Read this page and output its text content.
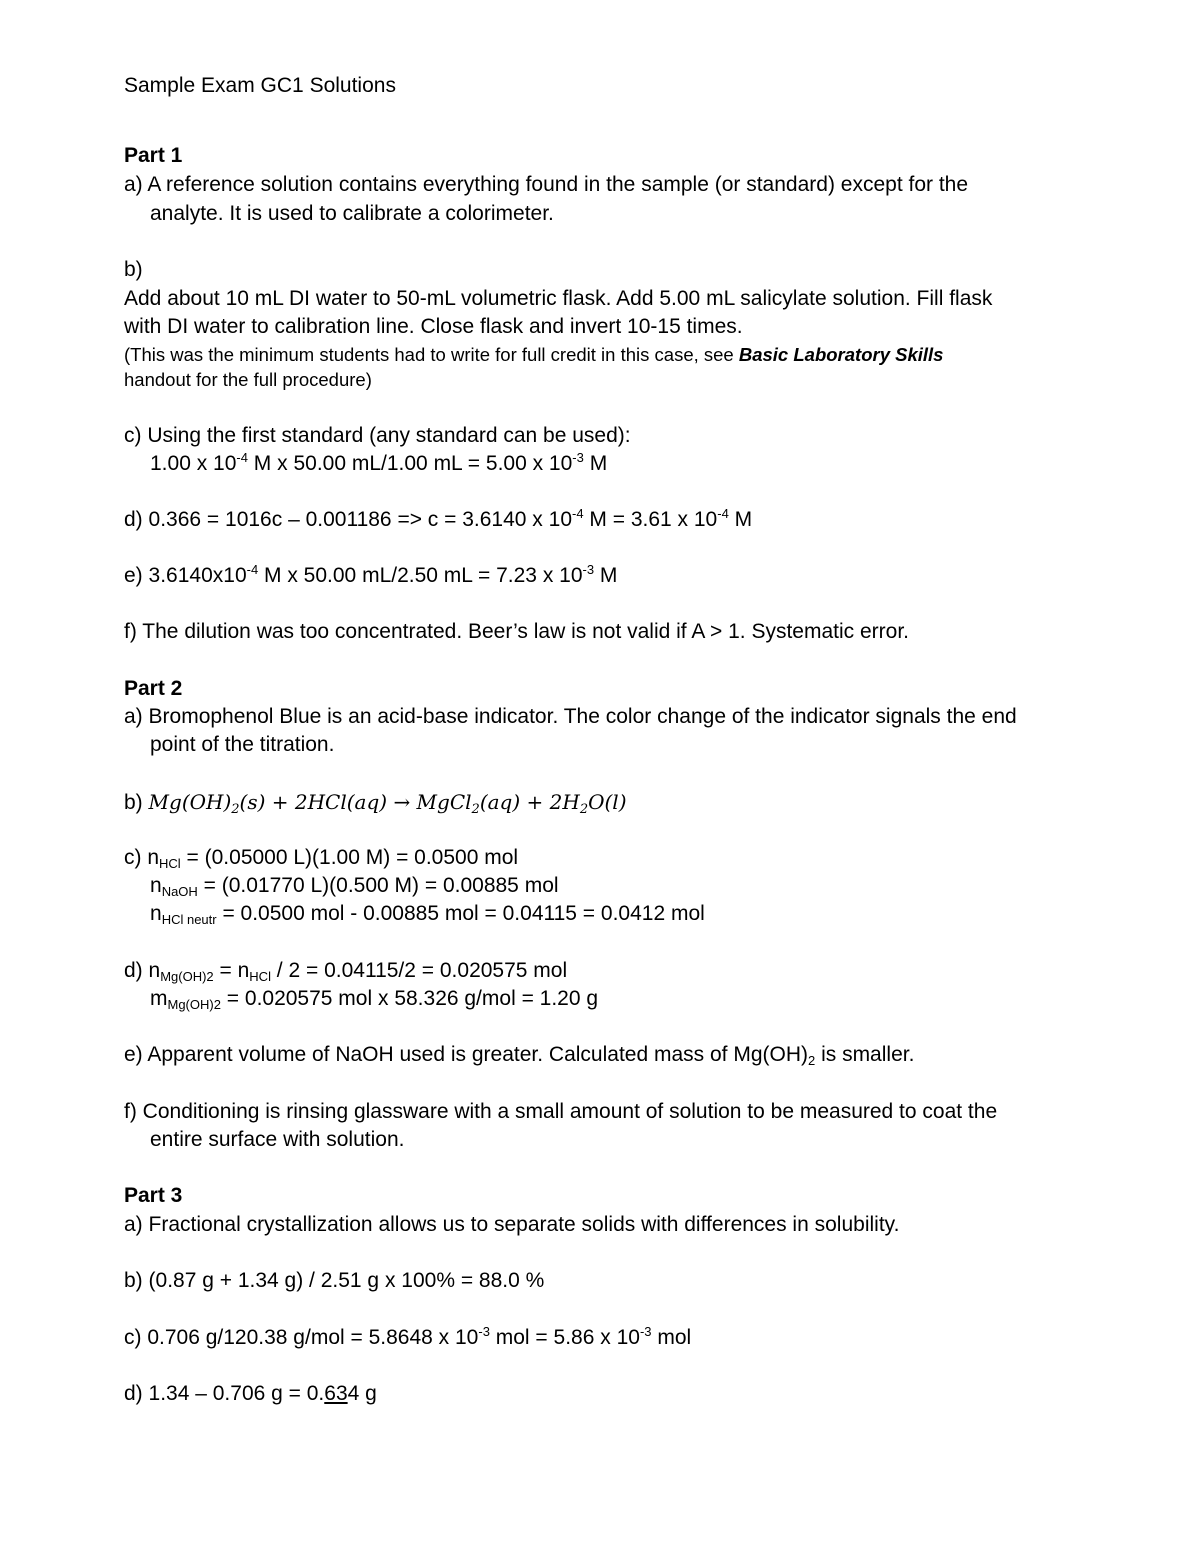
Sample Exam GC1 Solutions
Part 1
a) A reference solution contains everything found in the sample (or standard) except for the
analyte. It is used to calibrate a colorimeter.
b)
Add about 10 mL DI water to 50-mL volumetric flask. Add 5.00 mL salicylate solution. Fill flask
with DI water to calibration line. Close flask and invert 10-15 times.
(This was the minimum students had to write for full credit in this case, see Basic Laboratory Skills
handout for the full procedure)
c) Using the first standard (any standard can be used):
1.00 x $10^{-4}$ M x 50.00 mL/1.00 mL = 5.00 x $10^{-3}$ M
d) 0.366 = 1016c – 0.001186 => c = 3.6140 x $10^{-4}$ M = 3.61 x $10^{-4}$ M
e) $3.6140x10^{-4}$ M x 50.00 mL/2.50 mL = 7.23 x $10^{-3}$ M
f) The dilution was too concentrated. Beer’s law is not valid if A > 1. Systematic error.
Part 2
a) Bromophenol Blue is an acid-base indicator. The color change of the indicator signals the end
point of the titration.
b) $Mg(OH)_2(s) + 2HCl(aq)$ → MgCl$_2$(aq) + $2H_2O(l)$
c) $n_{HCl} = (0.05000$ L)(1.00 M) = 0.0500 mol
$n_{NaOH} = (0.01770$ L)(0.500 M) = 0.00885 mol
$n_{HCl neutr} = 0.0500$ mol - 0.00885 mol = 0.04115 = 0.0412 mol
d) $n_{Mg(OH)2} = n_{HCl} / 2 = 0.04115/2 = 0.020575$ mol
$m_{Mg(OH)2} = 0.020575$ mol x 58.326 g/mol = 1.20 g
e) Apparent volume of NaOH used is greater. Calculated mass of $Mg(OH)_2$ is smaller.
f) Conditioning is rinsing glassware with a small amount of solution to be measured to coat the
entire surface with solution.
Part 3
a) Fractional crystallization allows us to separate solids with differences in solubility.
b) (0.87 g + 1.34 g) / 2.51 g x 100% = 88.0 %
c) 0.706 g/120.38 g/mol = 5.8648 x $10^{-3}$ mol = 5.86 x $10^{-3}$ mol
d) 1.34 – 0.706 g = 0.634 g
